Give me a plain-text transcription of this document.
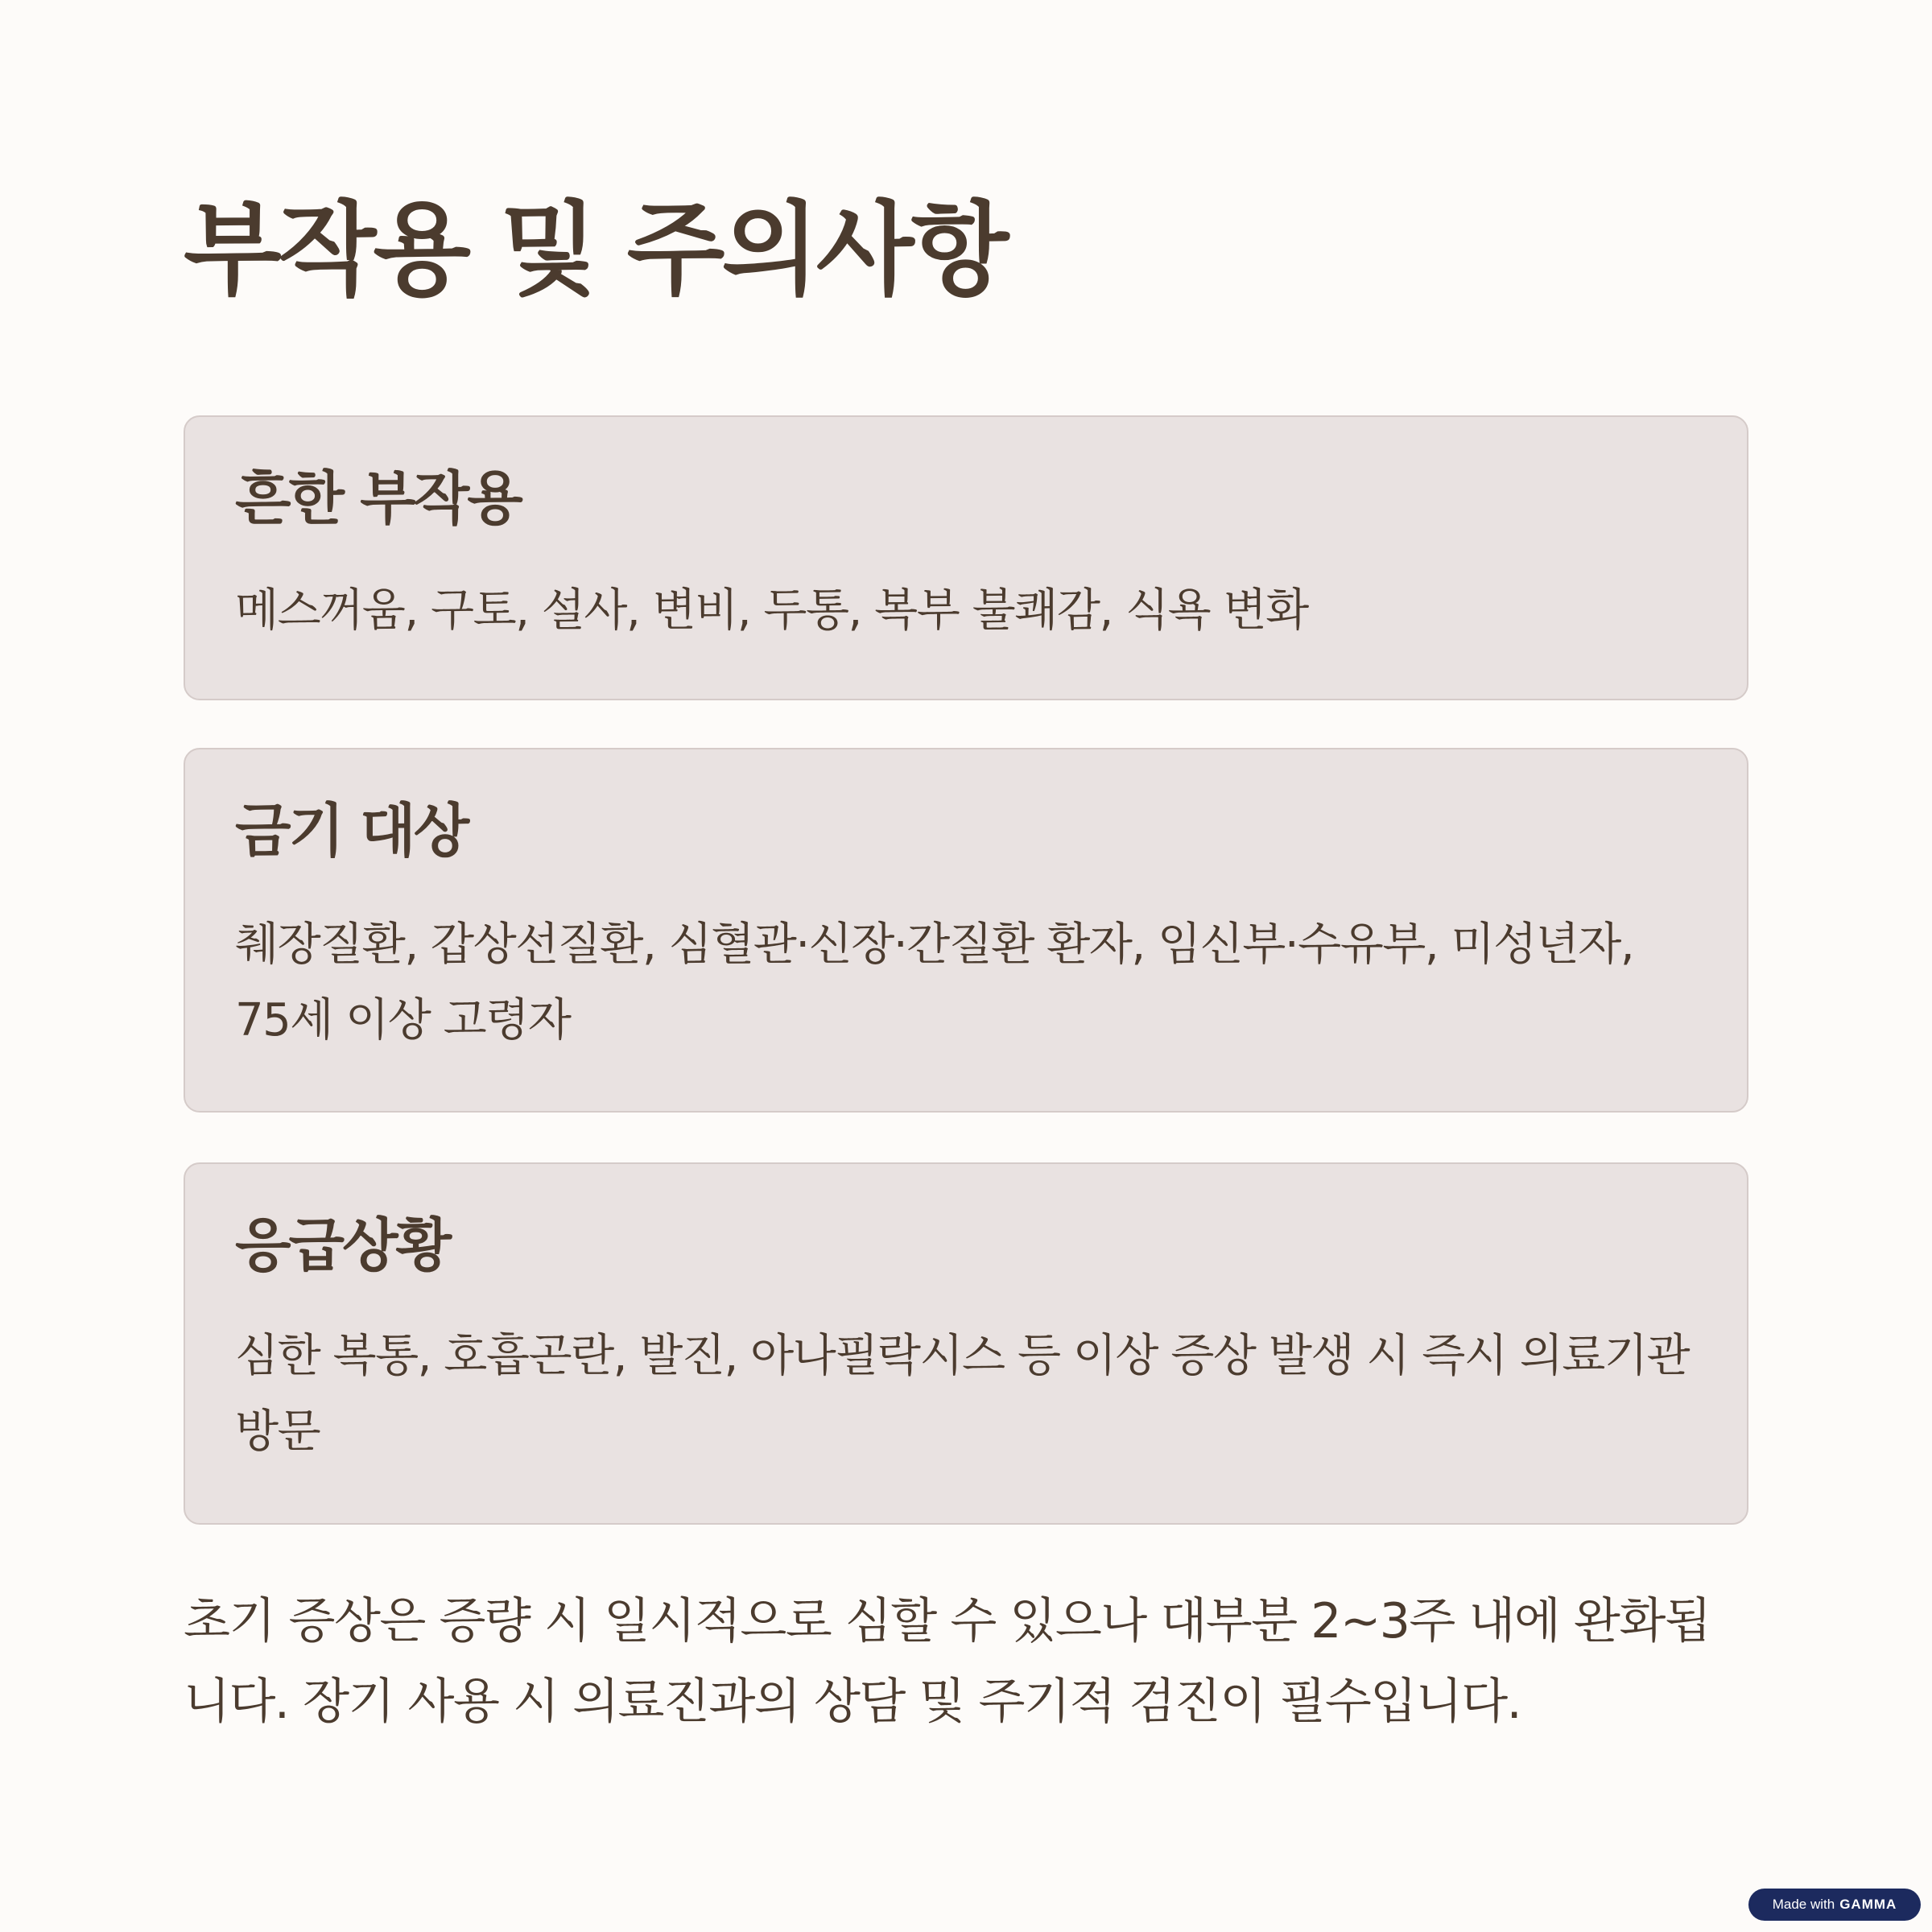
부작용 및 주의사항
흔한 부작용

메스꺼움, 구토, 설사, 변비, 두통, 복부 불쾌감, 식욕 변화

금기 대상

췌장질환, 갑상선질환, 심혈관·신장·간질환 환자, 임신부·수유부, 미성년자, 75세 이상 고령자

응급상황

심한 복통, 호흡곤란, 발진, 아나필락시스 등 이상 증상 발생 시 즉시 의료기관 방문

초기 증상은 증량 시 일시적으로 심할 수 있으나 대부분 2~3주 내에 완화됩니다. 장기 사용 시 의료진과의 상담 및 주기적 검진이 필수입니다.

Made with GAMMA
